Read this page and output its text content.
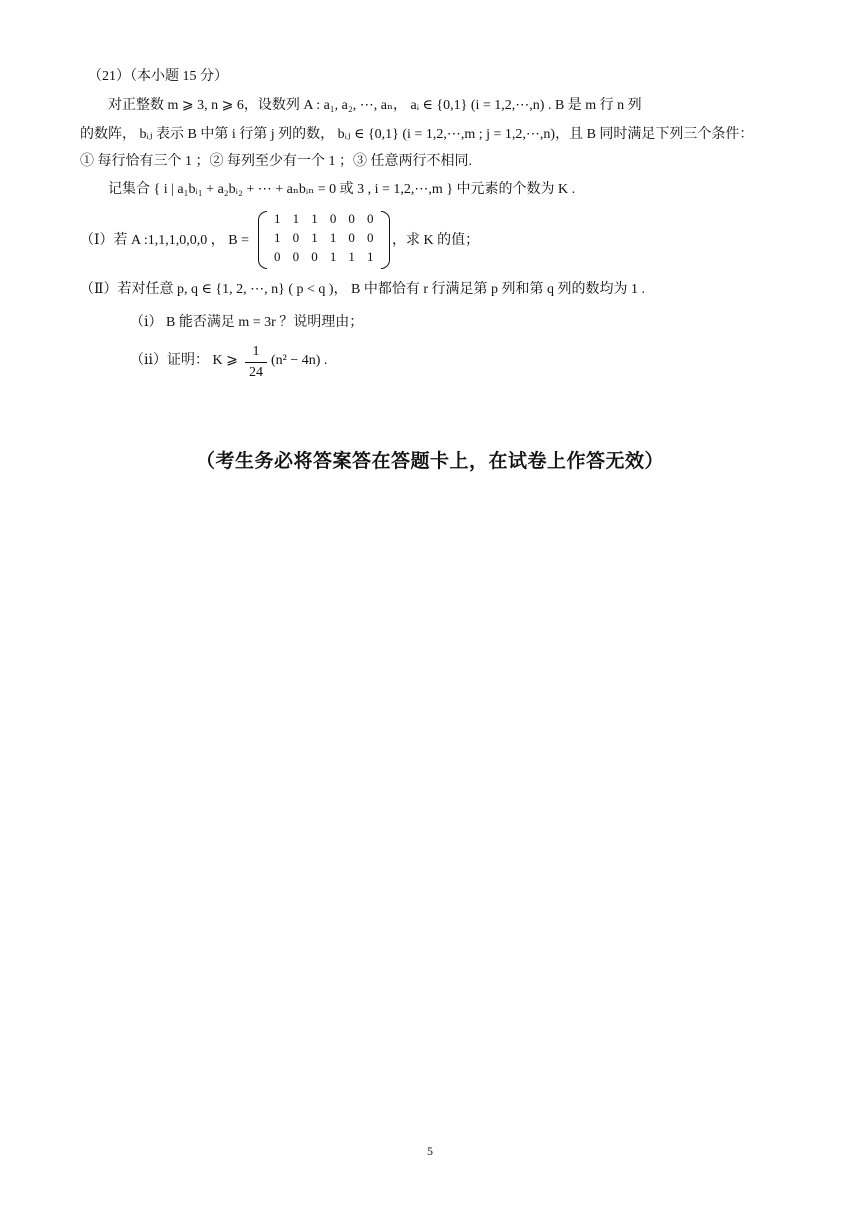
（21）（本小题 15 分）
对正整数 m ⩾ 3, n ⩾ 6，设数列 A : a₁, a₂, ⋯, aₙ， aᵢ ∈ {0,1} (i = 1,2,⋯,n) . B 是 m 行 n 列
的数阵， bᵢⱼ 表示 B 中第 i 行第 j 列的数， bᵢⱼ ∈ {0,1} (i = 1,2,⋯,m ; j = 1,2,⋯,n)，且 B 同时满足下列三个条件：
① 每行恰有三个 1 ；② 每列至少有一个 1 ；③ 任意两行不相同.
记集合 { i | a₁bᵢ₁ + a₂bᵢ₂ + ⋯ + aₙbᵢₙ = 0 或 3 , i = 1,2,⋯,m } 中元素的个数为 K .
（Ⅰ）若 A :1,1,1,0,0,0 ， B =
1 1 1 0 0 0
1 0 1 1 0 0
0 0 0 1 1 1
，求 K 的值；
（Ⅱ）若对任意 p, q ∈ {1, 2, ⋯, n} ( p < q )， B 中都恰有 r 行满足第 p 列和第 q 列的数均为 1 .
（ⅰ） B 能否满足 m = 3r ？说明理由；
（ⅱ）证明： K ⩾
1
24
(n² − 4n) .
（考生务必将答案答在答题卡上，在试卷上作答无效）
5
